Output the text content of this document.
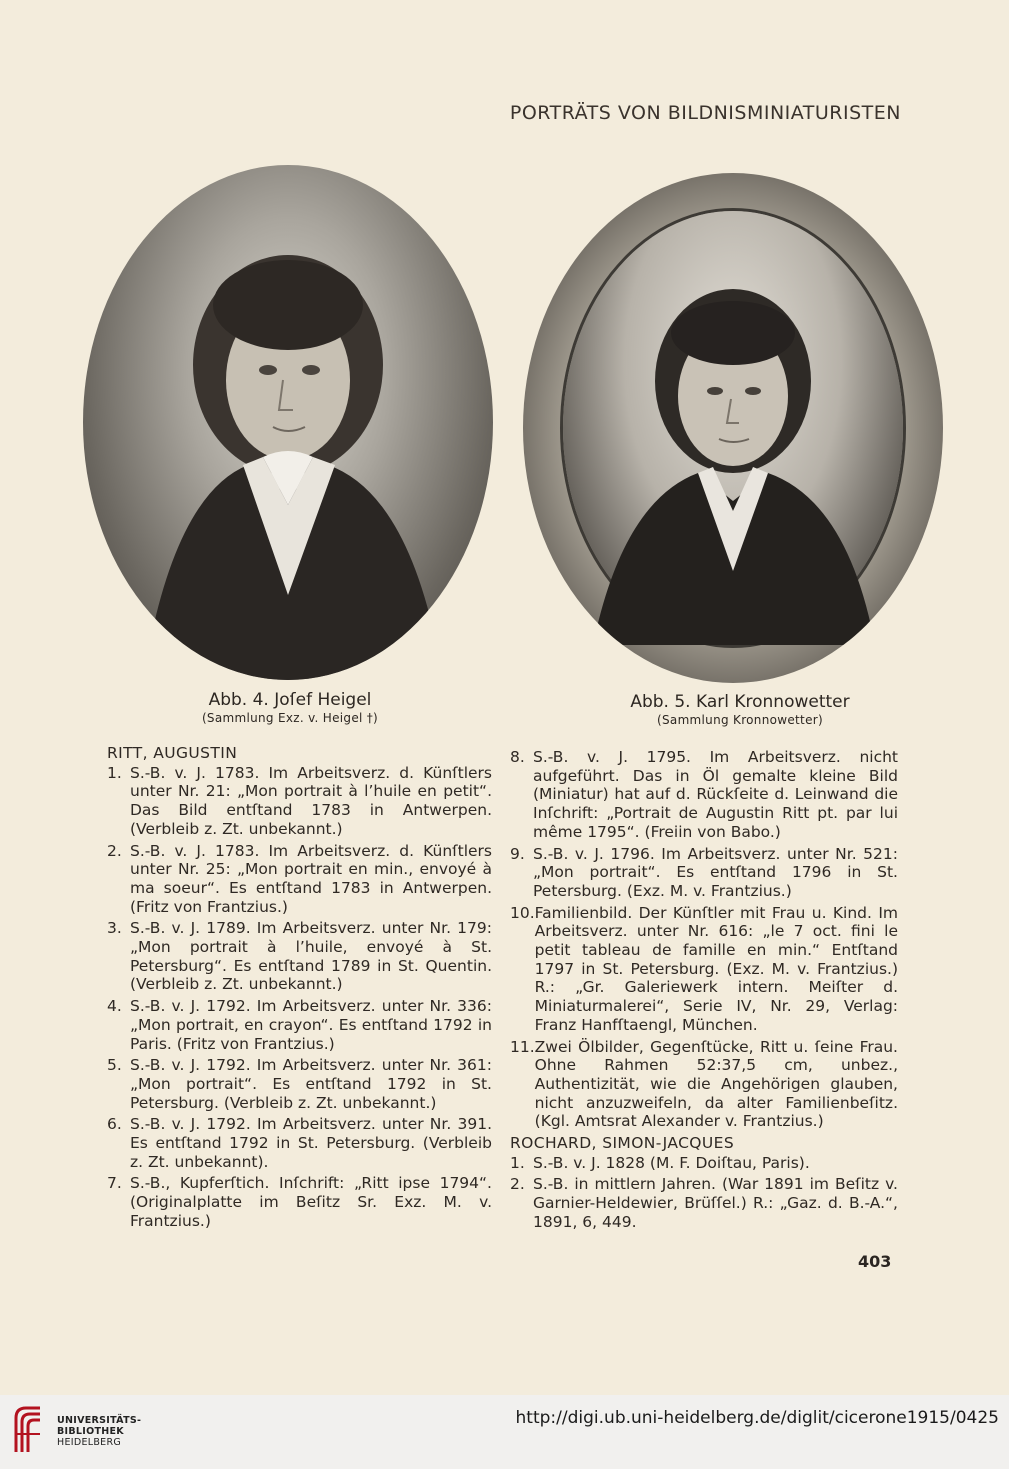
PORTRÄTS VON BILDNISMINIATURISTEN
Abb. 4. Joſef Heigel
(Sammlung Exz. v. Heigel †)
Abb. 5. Karl Kronnowetter
(Sammlung Kronnowetter)
RITT, AUGUSTIN
1. S.-B. v. J. 1783. Im Arbeitsverz. d. Künſtlers unter Nr. 21: „Mon portrait à l’huile en petit“. Das Bild entſtand 1783 in Antwerpen. (Verbleib z. Zt. unbekannt.)
2. S.-B. v. J. 1783. Im Arbeitsverz. d. Künſtlers unter Nr. 25: „Mon portrait en min., envoyé à ma soeur“. Es entſtand 1783 in Antwerpen. (Fritz von Frantzius.)
3. S.-B. v. J. 1789. Im Arbeitsverz. unter Nr. 179: „Mon portrait à l’huile, envoyé à St. Petersburg“. Es entſtand 1789 in St. Quentin. (Verbleib z. Zt. unbekannt.)
4. S.-B. v. J. 1792. Im Arbeitsverz. unter Nr. 336: „Mon portrait, en crayon“. Es entſtand 1792 in Paris. (Fritz von Frantzius.)
5. S.-B. v. J. 1792. Im Arbeitsverz. unter Nr. 361: „Mon portrait“. Es entſtand 1792 in St. Petersburg. (Verbleib z. Zt. unbekannt.)
6. S.-B. v. J. 1792. Im Arbeitsverz. unter Nr. 391. Es entſtand 1792 in St. Petersburg. (Verbleib z. Zt. unbekannt).
7. S.-B., Kupferſtich. Inſchrift: „Ritt ipse 1794“. (Originalplatte im Beſitz Sr. Exz. M. v. Frantzius.)
8. S.-B. v. J. 1795. Im Arbeitsverz. nicht aufgeführt. Das in Öl gemalte kleine Bild (Miniatur) hat auf d. Rückſeite d. Leinwand die Inſchrift: „Portrait de Augustin Ritt pt. par lui même 1795“. (Freiin von Babo.)
9. S.-B. v. J. 1796. Im Arbeitsverz. unter Nr. 521: „Mon portrait“. Es entſtand 1796 in St. Petersburg. (Exz. M. v. Frantzius.)
10. Familienbild. Der Künſtler mit Frau u. Kind. Im Arbeitsverz. unter Nr. 616: „le 7 oct. fini le petit tableau de famille en min.“ Entſtand 1797 in St. Petersburg. (Exz. M. v. Frantzius.) R.: „Gr. Galeriewerk intern. Meiſter d. Miniaturmalerei“, Serie IV, Nr. 29, Verlag: Franz Hanfſtaengl, München.
11. Zwei Ölbilder, Gegenſtücke, Ritt u. ſeine Frau. Ohne Rahmen 52:37,5 cm, unbez., Authentizität, wie die Angehörigen glauben, nicht anzuzweifeln, da alter Familienbeſitz. (Kgl. Amtsrat Alexander v. Frantzius.)
ROCHARD, SIMON-JACQUES
1. S.-B. v. J. 1828 (M. F. Doiſtau, Paris).
2. S.-B. in mittlern Jahren. (War 1891 im Beſitz v. Garnier-Heldewier, Brüſſel.) R.: „Gaz. d. B.-A.“, 1891, 6, 449.
403
UNIVERSITÄTS-
BIBLIOTHEK
HEIDELBERG
http://digi.ub.uni-heidelberg.de/diglit/cicerone1915/0425
